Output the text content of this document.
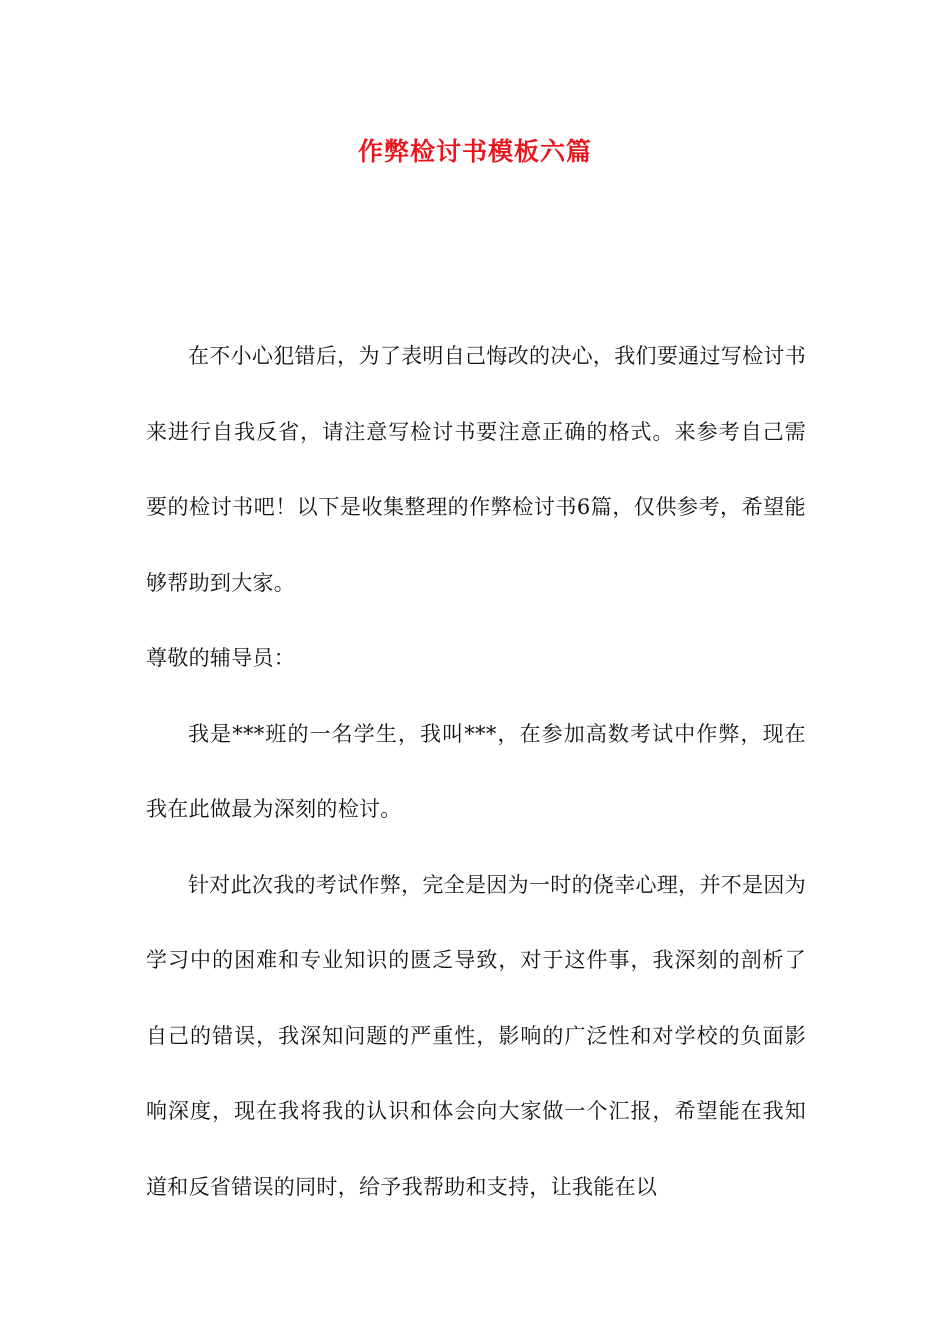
作弊检讨书模板六篇

在不小心犯错后，为了表明自己悔改的决心，我们要通过写检讨书来进行自我反省，请注意写检讨书要注意正确的格式。来参考自己需要的检讨书吧！以下是收集整理的作弊检讨书6篇，仅供参考，希望能够帮助到大家。

尊敬的辅导员：

我是***班的一名学生，我叫***，在参加高数考试中作弊，现在我在此做最为深刻的检讨。

针对此次我的考试作弊，完全是因为一时的侥幸心理，并不是因为学习中的困难和专业知识的匮乏导致，对于这件事，我深刻的剖析了自己的错误，我深知问题的严重性，影响的广泛性和对学校的负面影响深度，现在我将我的认识和体会向大家做一个汇报，希望能在我知道和反省错误的同时，给予我帮助和支持，让我能在以
